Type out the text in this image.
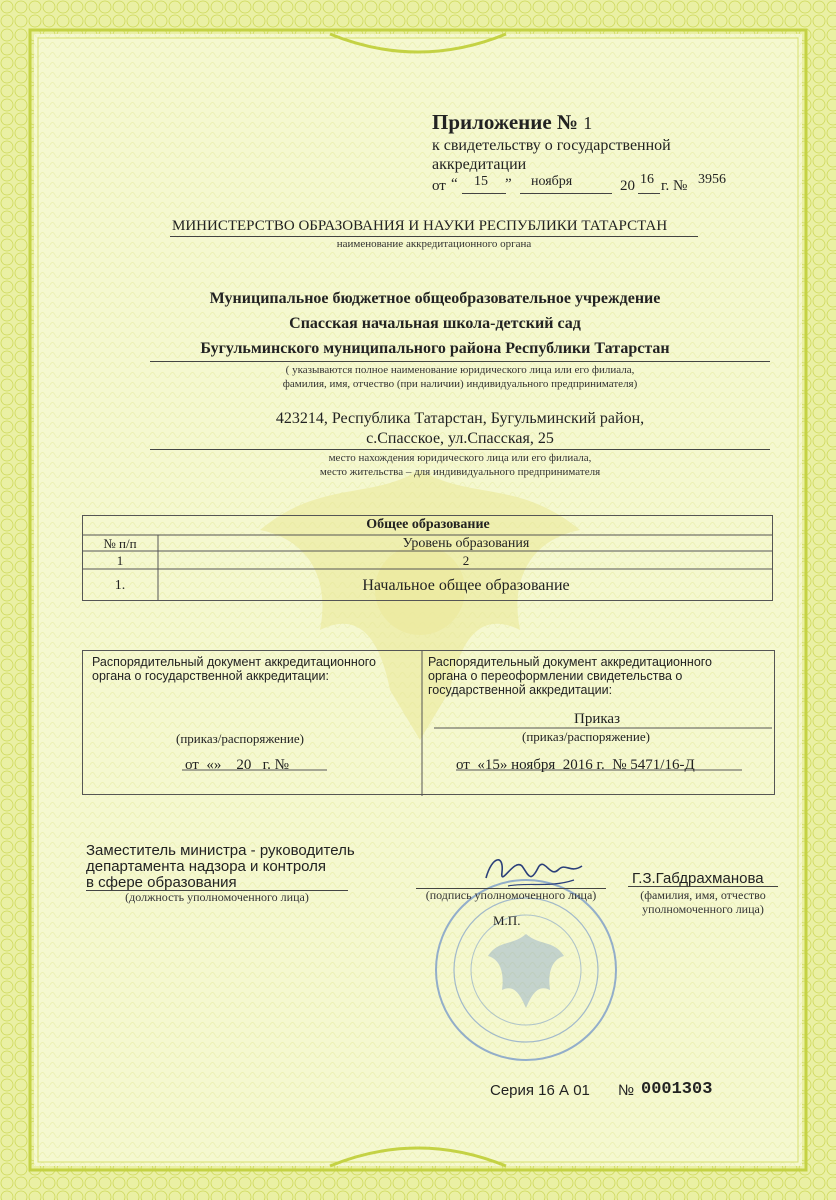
Приложение № 1
к свидетельству о государственной
аккредитации
от “ 15 ” ноября	20 16 г. № 3956
МИНИСТЕРСТВО ОБРАЗОВАНИЯ И НАУКИ РЕСПУБЛИКИ ТАТАРСТАН
наименование аккредитационного органа
Муниципальное бюджетное общеобразовательное учреждение
Спасская начальная школа-детский сад
Бугульминского муниципального района Республики Татарстан
( указываются полное наименование юридического лица или его филиала,
фамилия, имя, отчество (при наличии) индивидуального предпринимателя)
423214, Республика Татарстан, Бугульминский район,
с.Спасское, ул.Спасская, 25
место нахождения юридического лица или его филиала,
место жительства – для индивидуального предпринимателя
Общее образование
№ п/п	Уровень образования
1	2
1.	Начальное общее образование
Распорядительный документ аккредитационного органа о государственной аккредитации:
(приказ/распоряжение)
от  «»    20   г. №
Распорядительный документ аккредитационного органа о переоформлении свидетельства о государственной аккредитации:
Приказ
(приказ/распоряжение)
от  «15» ноября  2016 г.  № 5471/16-Д
Заместитель министра - руководитель
департамента надзора и контроля
в сфере образования
(должность уполномоченного лица)	(подпись уполномоченного лица)
М.П.
Г.З.Габдрахманова
(фамилия, имя, отчество
уполномоченного лица)
Серия 16 А 01 № 0001303
